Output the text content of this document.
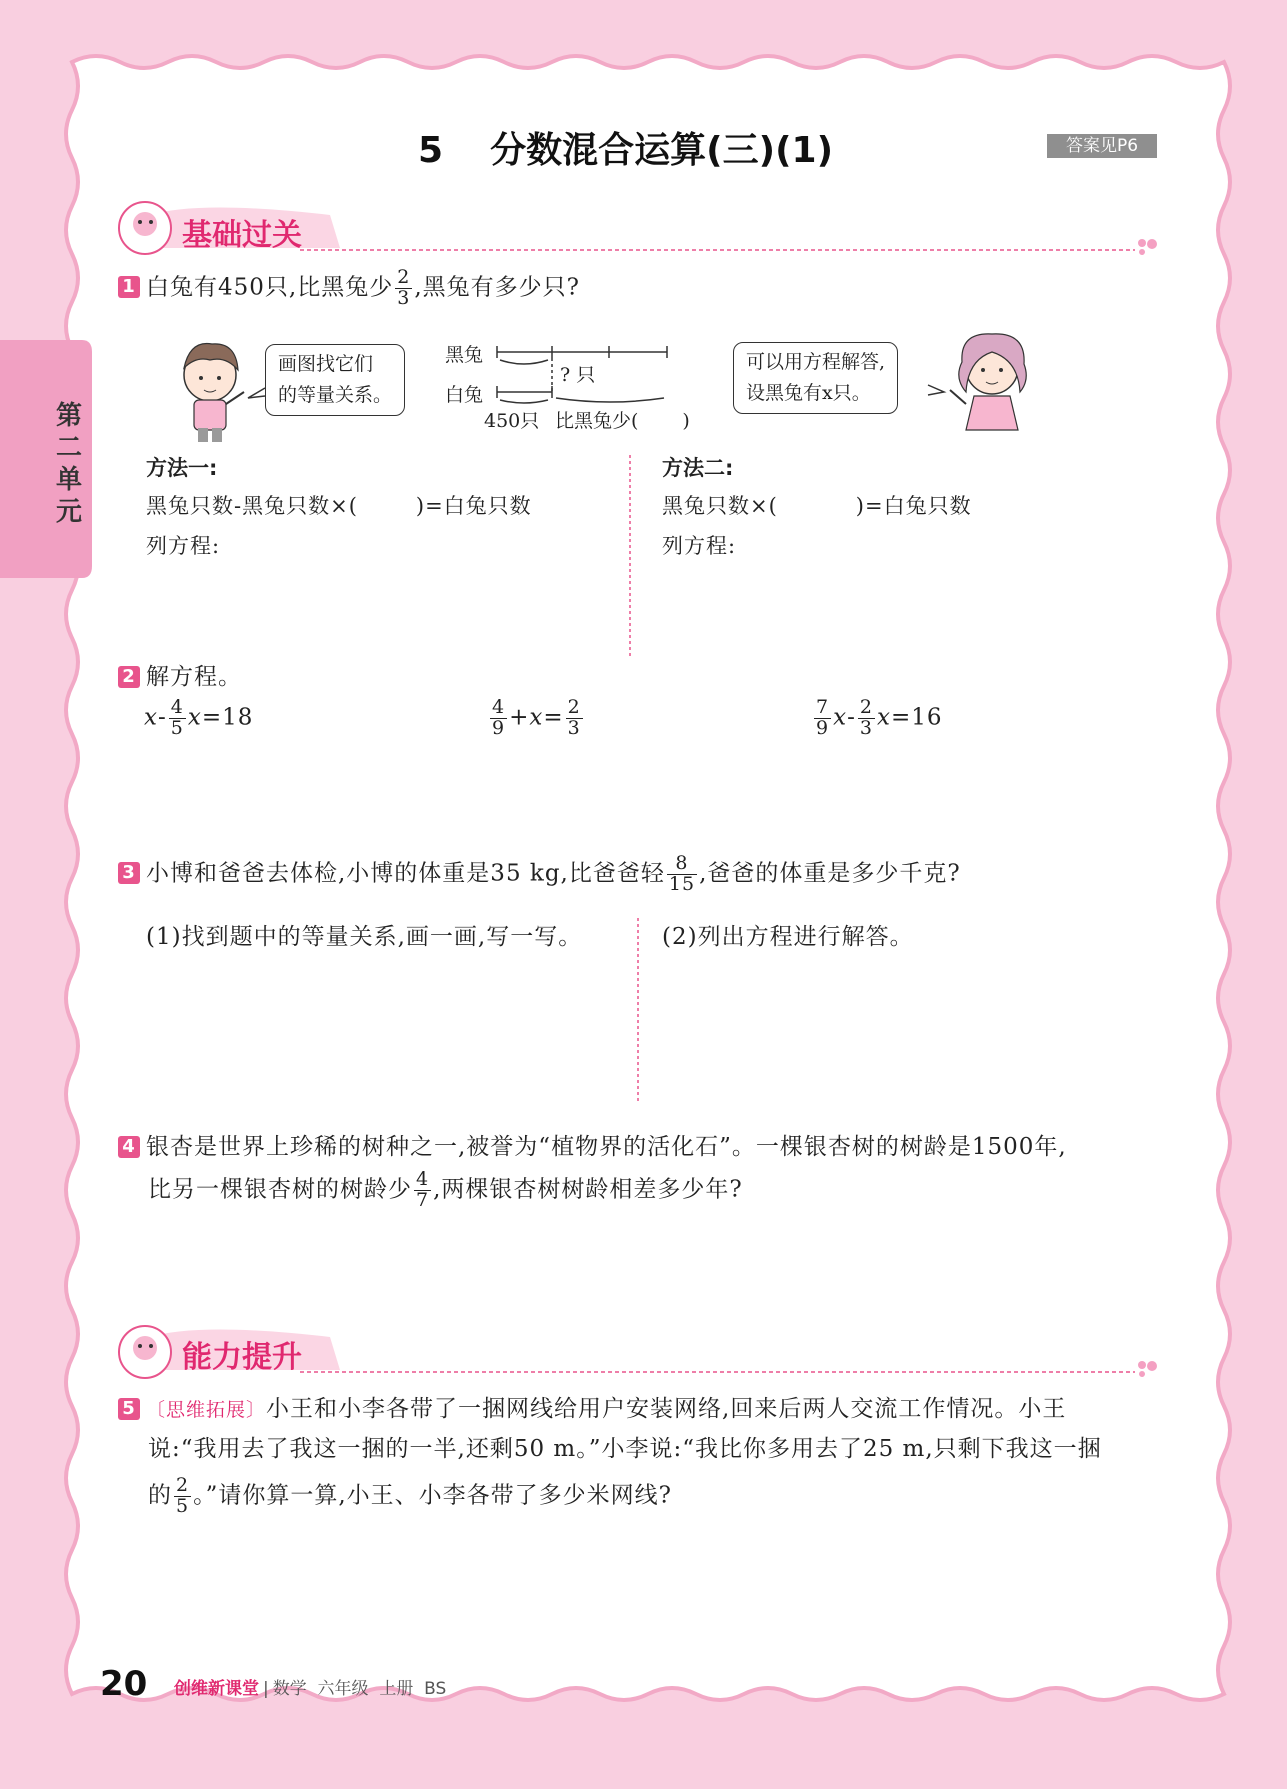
5 分数混合运算(三)(1)	答案见P6
第二单元
基础过关
能力提升
1 白兔有450只,比黑兔少 $\frac{2}{3}$ ,黑兔有多少只?
画图找它们
的等量关系。
可以用方程解答,
设黑兔有x只。
黑兔
白兔
? 只
450只 比黑兔少( )
方法一:
黑兔只数-黑兔只数×(	)=白兔只数
列方程:
方法二:
黑兔只数×(	)=白兔只数
列方程:
2 解方程。
$x- \frac{4}{5} x=18$	$\frac{4}{9} +x= \frac{2}{3}$	$\frac{7}{9} x- \frac{2}{3} x=16$
3 小博和爸爸去体检,小博的体重是35 kg,比爸爸轻 $\frac{8}{15}$ ,爸爸的体重是多少千克?
(1)找到题中的等量关系,画一画,写一写。	(2)列出方程进行解答。
4 银杏是世界上珍稀的树种之一,被誉为“植物界的活化石”。一棵银杏树的树龄是1500年,
比另一棵银杏树的树龄少 $\frac{4}{7}$ ,两棵银杏树树龄相差多少年?
5 〔思维拓展〕小王和小李各带了一捆网线给用户安装网络,回来后两人交流工作情况。小王
说:“我用去了我这一捆的一半,还剩50 m。”小李说:“我比你多用去了25 m,只剩下我这一捆
的 $\frac{2}{5}$ 。”请你算一算,小王、小李各带了多少米网线?
20 创维新课堂 | 数学  六年级  上册  BS
